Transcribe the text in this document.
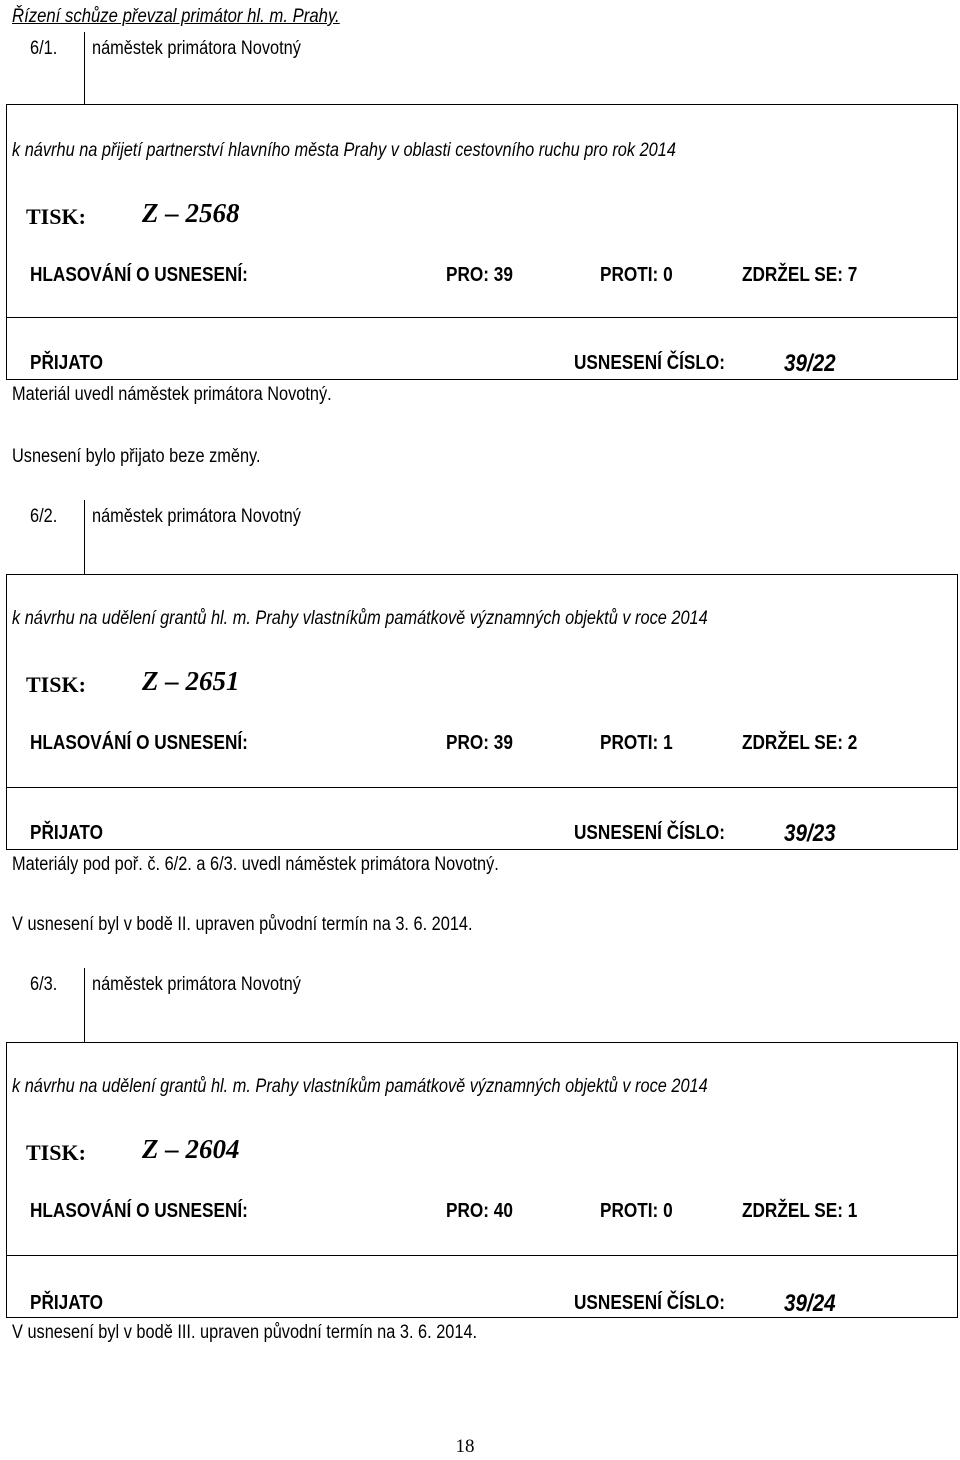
Řízení schůze převzal primátor hl. m. Prahy.
6/1. náměstek primátora Novotný
k návrhu na přijetí partnerství hlavního města Prahy v oblasti cestovního ruchu pro rok 2014
TISK: Z – 2568
HLASOVÁNÍ O USNESENÍ:	PRO: 39	PROTI: 0	ZDRŽEL SE: 7
PŘIJATO	USNESENÍ ČÍSLO: 39/22
Materiál uvedl náměstek primátora Novotný.
Usnesení bylo přijato beze změny.
6/2. náměstek primátora Novotný
k návrhu na udělení grantů hl. m. Prahy vlastníkům památkově významných objektů v roce 2014
TISK: Z – 2651
HLASOVÁNÍ O USNESENÍ:	PRO: 39	PROTI: 1	ZDRŽEL SE: 2
PŘIJATO	USNESENÍ ČÍSLO: 39/23
Materiály pod poř. č. 6/2. a 6/3. uvedl náměstek primátora Novotný.
V usnesení byl v bodě II. upraven původní termín na 3. 6. 2014.
6/3. náměstek primátora Novotný
k návrhu na udělení grantů hl. m. Prahy vlastníkům památkově významných objektů v roce 2014
TISK: Z – 2604
HLASOVÁNÍ O USNESENÍ:	PRO: 40	PROTI: 0	ZDRŽEL SE: 1
PŘIJATO	USNESENÍ ČÍSLO: 39/24
V usnesení byl v bodě III. upraven původní termín na 3. 6. 2014.
18
